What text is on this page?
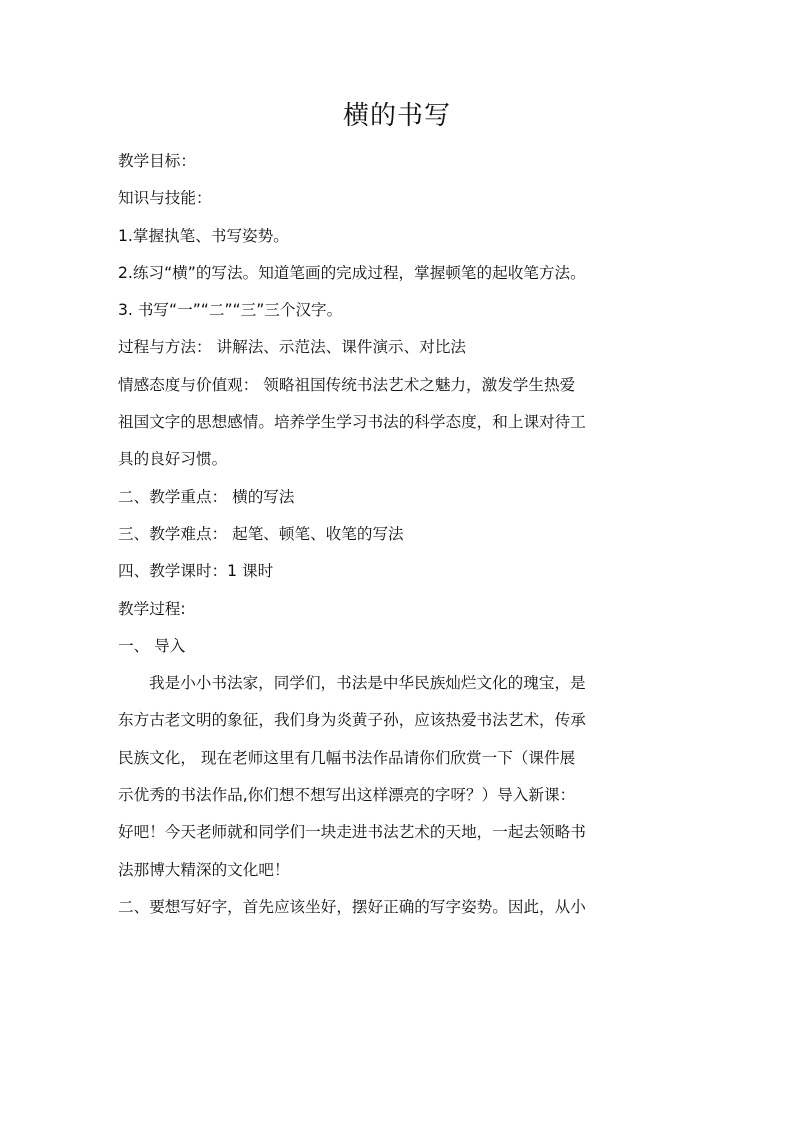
横的书写
教学目标：
知识与技能：
1.掌握执笔、书写姿势。
2.练习“横”的写法。知道笔画的完成过程，掌握顿笔的起收笔方法。
3. 书写“一”“二”“三”三个汉字。
过程与方法： 讲解法、示范法、课件演示、对比法
情感态度与价值观： 领略祖国传统书法艺术之魅力，激发学生热爱
祖国文字的思想感情。培养学生学习书法的科学态度，和上课对待工
具的良好习惯。
二、教学重点： 横的写法
三、教学难点： 起笔、顿笔、收笔的写法
四、教学课时：1 课时
教学过程:
一、 导入
我是小小书法家，同学们，书法是中华民族灿烂文化的瑰宝，是
东方古老文明的象征，我们身为炎黄子孙，应该热爱书法艺术，传承
民族文化， 现在老师这里有几幅书法作品请你们欣赏一下（课件展
示优秀的书法作品,你们想不想写出这样漂亮的字呀？）导入新课：
好吧！今天老师就和同学们一块走进书法艺术的天地，一起去领略书
法那博大精深的文化吧！
二、要想写好字，首先应该坐好，摆好正确的写字姿势。因此，从小
